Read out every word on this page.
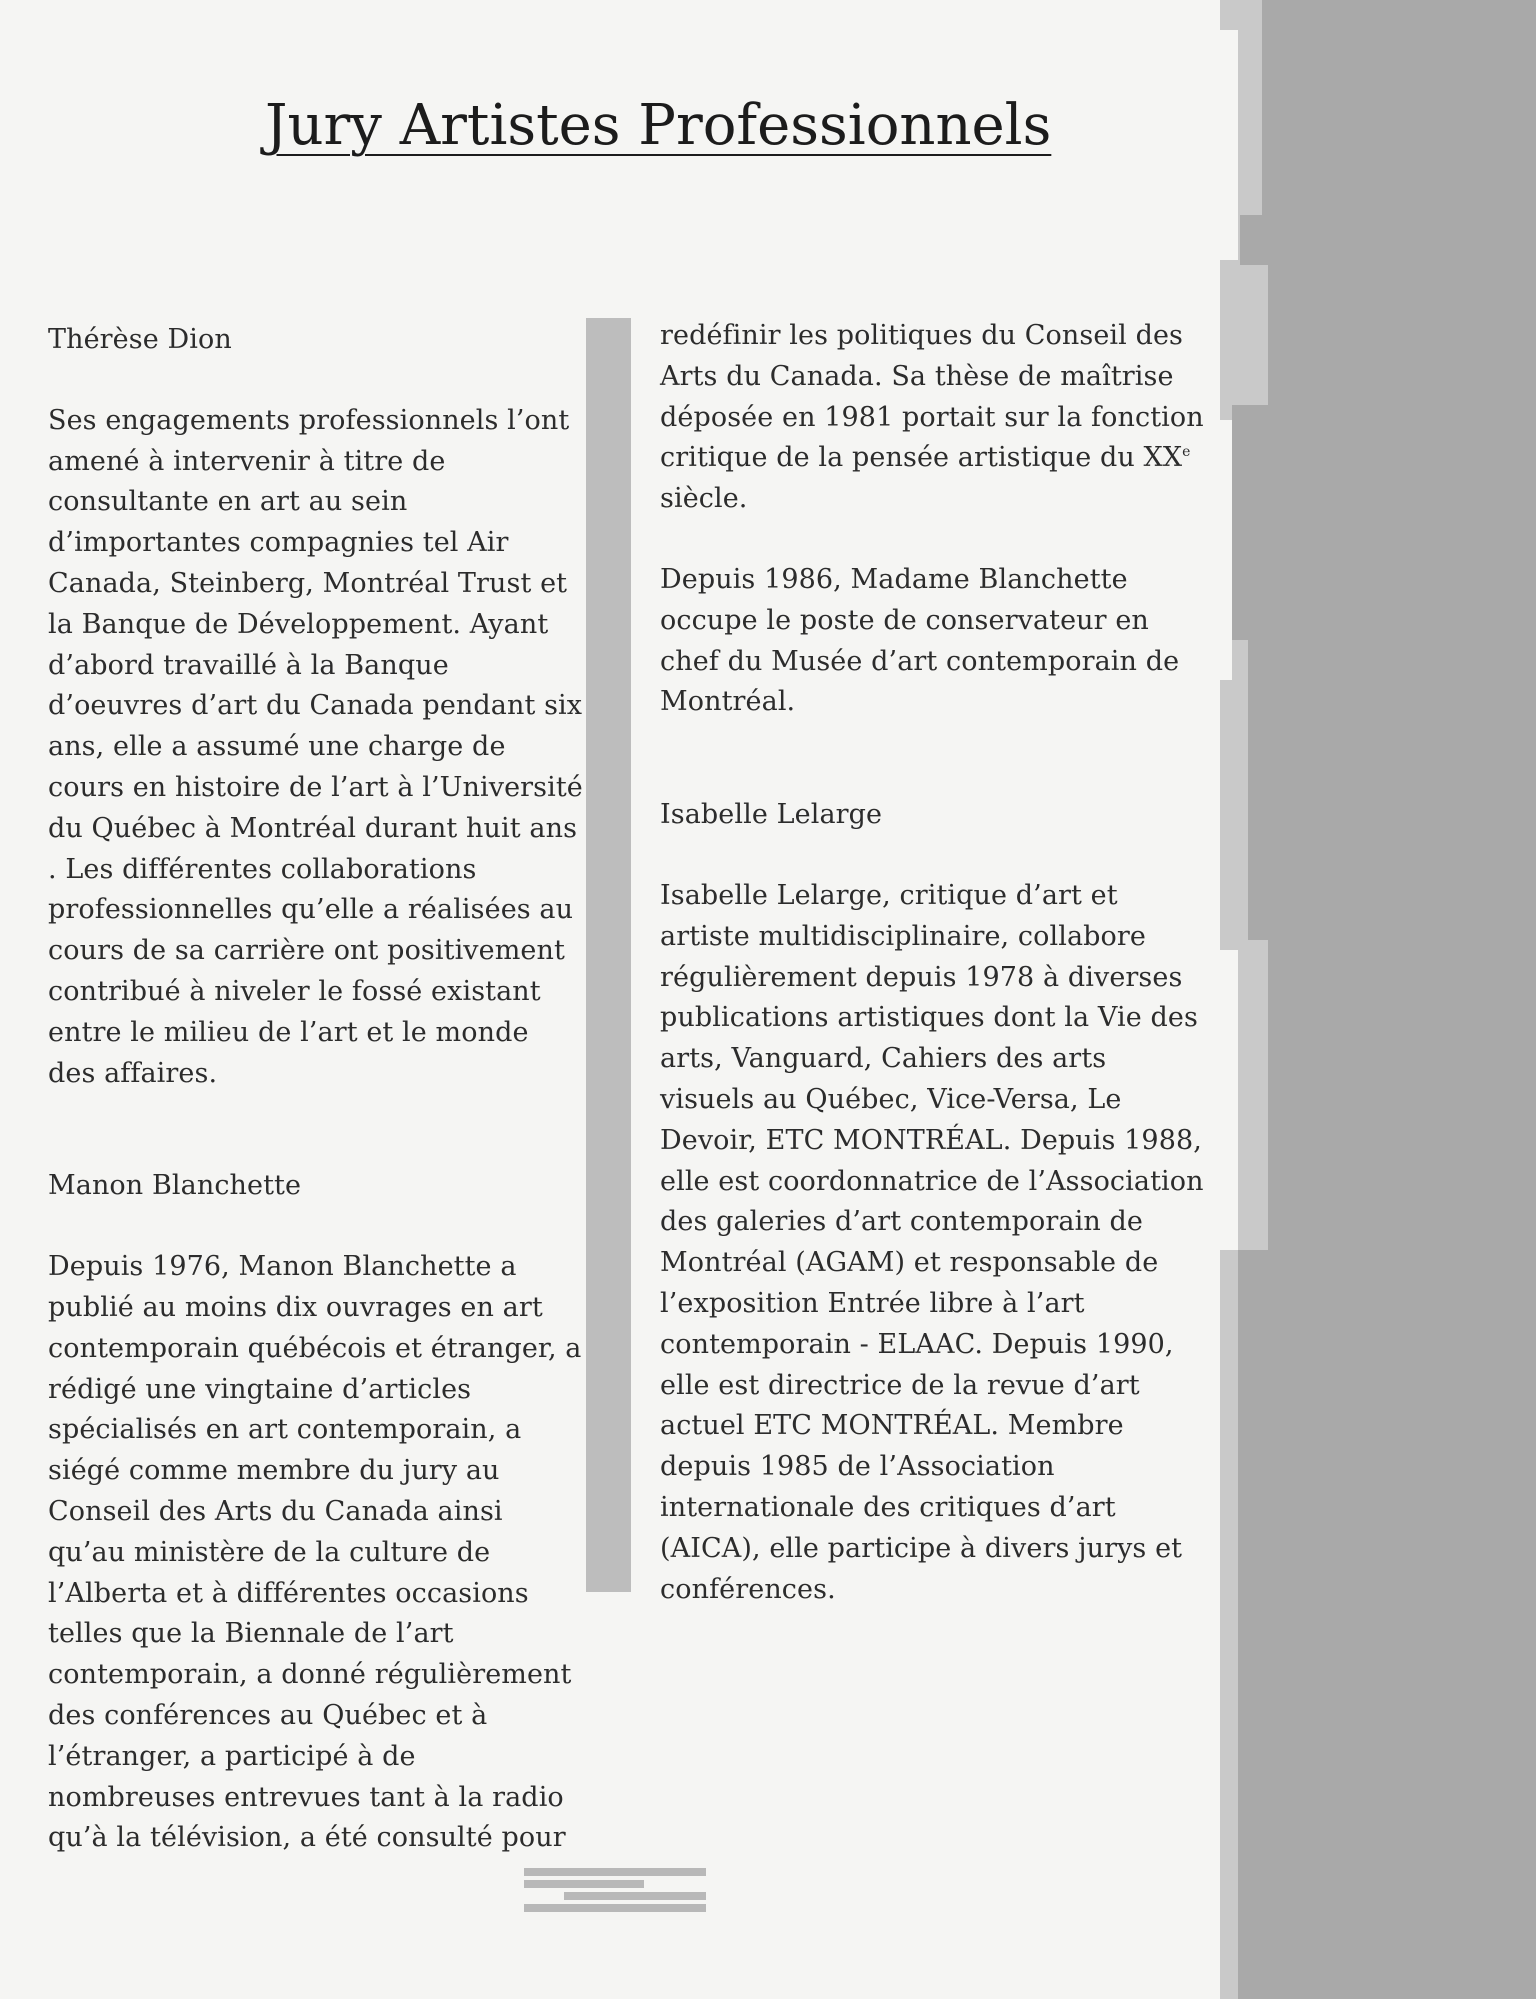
Jury Artistes Professionnels

Thérèse Dion

Ses engagements professionnels l’ont amené à intervenir à titre de consultante en art au sein d’importantes compagnies tel Air Canada, Steinberg, Montréal Trust et la Banque de Développement. Ayant d’abord travaillé à la Banque d’oeuvres d’art du Canada pendant six ans, elle a assumé une charge de cours en histoire de l’art à l’Université du Québec à Montréal durant huit ans . Les différentes collaborations professionnelles qu’elle a réalisées au cours de sa carrière ont positivement contribué à niveler le fossé existant entre le milieu de l’art et le monde des affaires.

Manon Blanchette

Depuis 1976, Manon Blanchette a publié au moins dix ouvrages en art contemporain québécois et étranger, a rédigé une vingtaine d’articles spécialisés en art contemporain, a siégé comme membre du jury au Conseil des Arts du Canada ainsi qu’au ministère de la culture de l’Alberta et à différentes occasions telles que la Biennale de l’art contemporain, a donné régulièrement des conférences au Québec et à l’étranger, a participé à de nombreuses entrevues tant à la radio qu’à la télévision, a été consulté pour

redéfinir les politiques du Conseil des Arts du Canada. Sa thèse de maîtrise déposée en 1981 portait sur la fonction critique de la pensée artistique du XXe siècle.

Depuis 1986, Madame Blanchette occupe le poste de conservateur en chef du Musée d’art contemporain de Montréal.

Isabelle Lelarge

Isabelle Lelarge, critique d’art et artiste multidisciplinaire, collabore régulièrement depuis 1978 à diverses publications artistiques dont la Vie des arts, Vanguard, Cahiers des arts visuels au Québec, Vice-Versa, Le Devoir, ETC MONTRÉAL. Depuis 1988, elle est coordonnatrice de l’Association des galeries d’art contemporain de Montréal (AGAM) et responsable de l’exposition Entrée libre à l’art contemporain - ELAAC. Depuis 1990, elle est directrice de la revue d’art actuel ETC MONTRÉAL. Membre depuis 1985 de l’Association internationale des critiques d’art (AICA), elle participe à divers jurys et conférences.
